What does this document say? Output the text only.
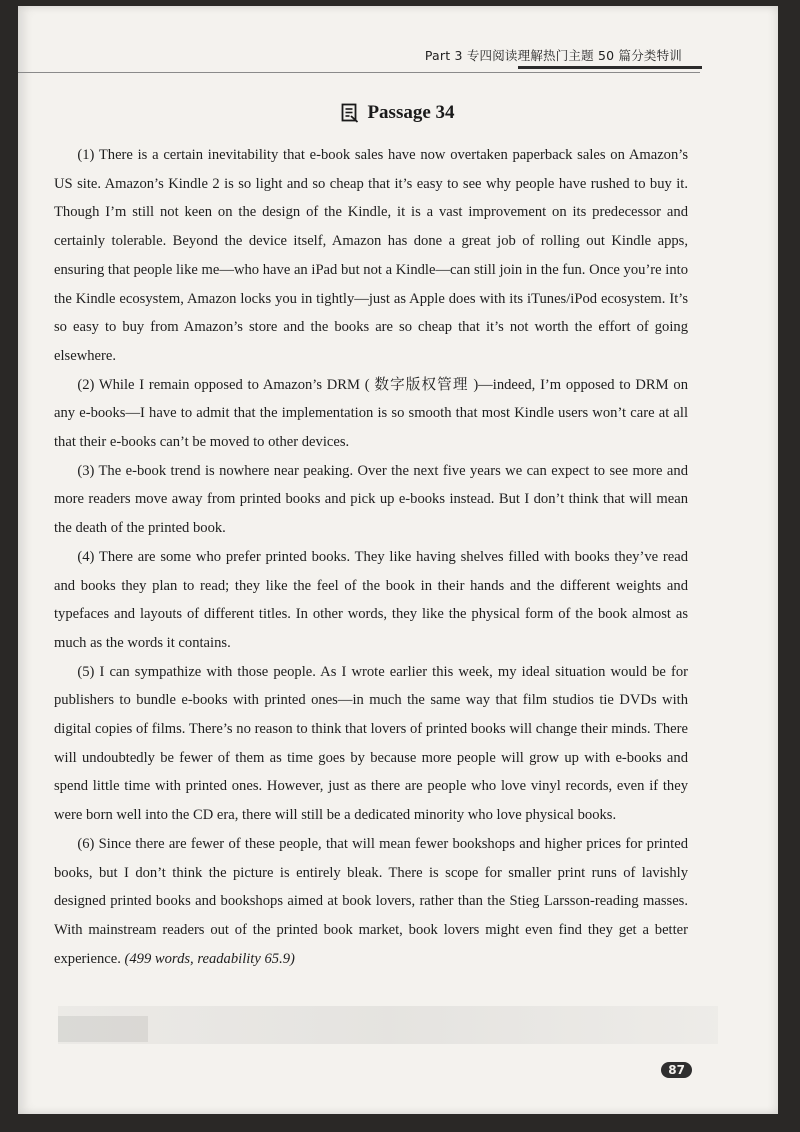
Part 3 专四阅读理解热门主题 50 篇分类特训
Passage 34

(1) There is a certain inevitability that e-book sales have now overtaken paperback sales on Amazon’s US site. Amazon’s Kindle 2 is so light and so cheap that it’s easy to see why people have rushed to buy it. Though I’m still not keen on the design of the Kindle, it is a vast improvement on its predecessor and certainly tolerable. Beyond the device itself, Amazon has done a great job of rolling out Kindle apps, ensuring that people like me—who have an iPad but not a Kindle—can still join in the fun. Once you’re into the Kindle ecosystem, Amazon locks you in tightly—just as Apple does with its iTunes/iPod ecosystem. It’s so easy to buy from Amazon’s store and the books are so cheap that it’s not worth the effort of going elsewhere.

(2) While I remain opposed to Amazon’s DRM ( 数字版权管理 )—indeed, I’m opposed to DRM on any e-books—I have to admit that the implementation is so smooth that most Kindle users won’t care at all that their e-books can’t be moved to other devices.

(3) The e-book trend is nowhere near peaking. Over the next five years we can expect to see more and more readers move away from printed books and pick up e-books instead. But I don’t think that will mean the death of the printed book.

(4) There are some who prefer printed books. They like having shelves filled with books they’ve read and books they plan to read; they like the feel of the book in their hands and the different weights and typefaces and layouts of different titles. In other words, they like the physical form of the book almost as much as the words it contains.

(5) I can sympathize with those people. As I wrote earlier this week, my ideal situation would be for publishers to bundle e-books with printed ones—in much the same way that film studios tie DVDs with digital copies of films. There’s no reason to think that lovers of printed books will change their minds. There will undoubtedly be fewer of them as time goes by because more people will grow up with e-books and spend little time with printed ones. However, just as there are people who love vinyl records, even if they were born well into the CD era, there will still be a dedicated minority who love physical books.

(6) Since there are fewer of these people, that will mean fewer bookshops and higher prices for printed books, but I don’t think the picture is entirely bleak. There is scope for smaller print runs of lavishly designed printed books and bookshops aimed at book lovers, rather than the Stieg Larsson-reading masses. With mainstream readers out of the printed book market, book lovers might even find they get a better experience. (499 words, readability 65.9)

87
